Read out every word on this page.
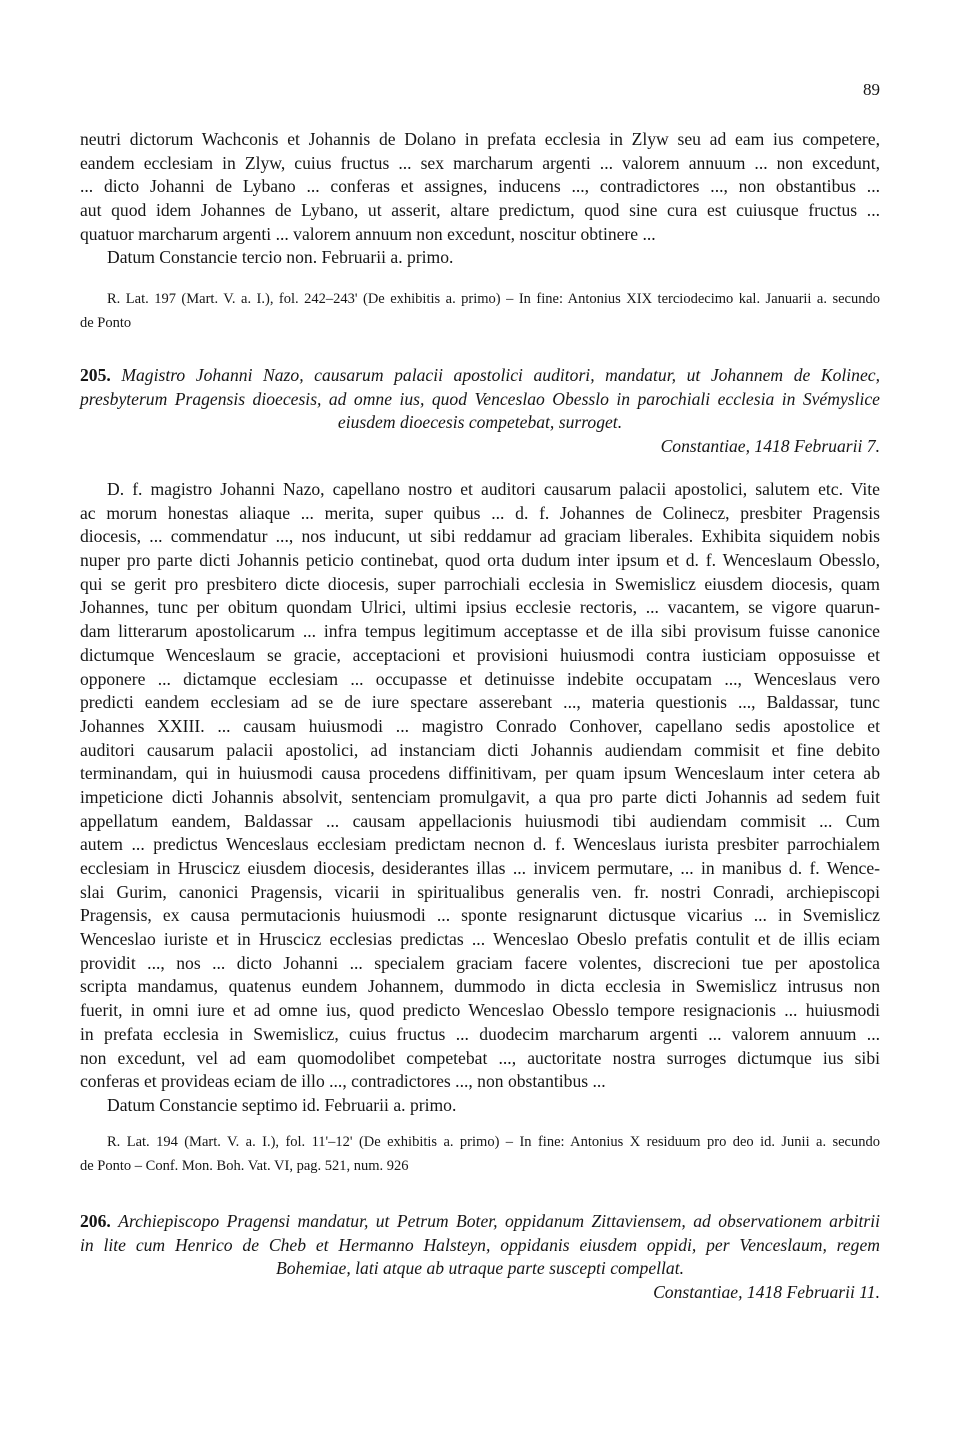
89
neutri dictorum Wachconis et Johannis de Dolano in prefata ecclesia in Zlyw seu ad eam ius competere,
eandem ecclesiam in Zlyw, cuius fructus ... sex marcharum argenti ... valorem annuum ... non excedunt,
... dicto Johanni de Lybano ... conferas et assignes, inducens ..., contradictores ..., non obstantibus ...
aut quod idem Johannes de Lybano, ut asserit, altare predictum, quod sine cura est cuiusque fructus ...
quatuor marcharum argenti ... valorem annuum non excedunt, noscitur obtinere ...
Datum Constancie tercio non. Februarii a. primo.
R. Lat. 197 (Mart. V. a. I.), fol. 242–243' (De exhibitis a. primo) – In fine: Antonius XIX terciodecimo kal. Januarii a. secundo
de Ponto
205. Magistro Johanni Nazo, causarum palacii apostolici auditori, mandatur, ut Johannem de Kolinec,
presbyterum Pragensis dioecesis, ad omne ius, quod Venceslao Obesslo in parochiali ecclesia in Svémyslice
eiusdem dioecesis competebat, surroget.
Constantiae, 1418 Februarii 7.
D. f. magistro Johanni Nazo, capellano nostro et auditori causarum palacii apostolici, salutem etc. Vite
ac morum honestas aliaque ... merita, super quibus ... d. f. Johannes de Colinecz, presbiter Pragensis
diocesis, ... commendatur ..., nos inducunt, ut sibi reddamur ad graciam liberales. Exhibita siquidem nobis
nuper pro parte dicti Johannis peticio continebat, quod orta dudum inter ipsum et d. f. Wenceslaum Obesslo,
qui se gerit pro presbitero dicte diocesis, super parrochiali ecclesia in Swemislicz eiusdem diocesis, quam
Johannes, tunc per obitum quondam Ulrici, ultimi ipsius ecclesie rectoris, ... vacantem, se vigore quarun-
dam litterarum apostolicarum ... infra tempus legitimum acceptasse et de illa sibi provisum fuisse canonice
dictumque Wenceslaum se gracie, acceptacioni et provisioni huiusmodi contra iusticiam opposuisse et
opponere ... dictamque ecclesiam ... occupasse et detinuisse indebite occupatam ..., Wenceslaus vero
predicti eandem ecclesiam ad se de iure spectare asserebant ..., materia questionis ..., Baldassar, tunc
Johannes XXIII. ... causam huiusmodi ... magistro Conrado Conhover, capellano sedis apostolice et
auditori causarum palacii apostolici, ad instanciam dicti Johannis audiendam commisit et fine debito
terminandam, qui in huiusmodi causa procedens diffinitivam, per quam ipsum Wenceslaum inter cetera ab
impeticione dicti Johannis absolvit, sentenciam promulgavit, a qua pro parte dicti Johannis ad sedem fuit
appellatum eandem, Baldassar ... causam appellacionis huiusmodi tibi audiendam commisit ... Cum
autem ... predictus Wenceslaus ecclesiam predictam necnon d. f. Wenceslaus iurista presbiter parrochialem
ecclesiam in Hruscicz eiusdem diocesis, desiderantes illas ... invicem permutare, ... in manibus d. f. Wence-
slai Gurim, canonici Pragensis, vicarii in spiritualibus generalis ven. fr. nostri Conradi, archiepiscopi
Pragensis, ex causa permutacionis huiusmodi ... sponte resignarunt dictusque vicarius ... in Svemislicz
Wenceslao iuriste et in Hruscicz ecclesias predictas ... Wenceslao Obeslo prefatis contulit et de illis eciam
providit ..., nos ... dicto Johanni ... specialem graciam facere volentes, discrecioni tue per apostolica
scripta mandamus, quatenus eundem Johannem, dummodo in dicta ecclesia in Swemislicz intrusus non
fuerit, in omni iure et ad omne ius, quod predicto Wenceslao Obesslo tempore resignacionis ... huiusmodi
in prefata ecclesia in Swemislicz, cuius fructus ... duodecim marcharum argenti ... valorem annuum ...
non excedunt, vel ad eam quomodolibet competebat ..., auctoritate nostra surroges dictumque ius sibi
conferas et provideas eciam de illo ..., contradictores ..., non obstantibus ...
Datum Constancie septimo id. Februarii a. primo.
R. Lat. 194 (Mart. V. a. I.), fol. 11'–12' (De exhibitis a. primo) – In fine: Antonius X residuum pro deo id. Junii a. secundo
de Ponto – Conf. Mon. Boh. Vat. VI, pag. 521, num. 926
206. Archiepiscopo Pragensi mandatur, ut Petrum Boter, oppidanum Zittaviensem, ad observationem arbitrii
in lite cum Henrico de Cheb et Hermanno Halsteyn, oppidanis eiusdem oppidi, per Venceslaum, regem
Bohemiae, lati atque ab utraque parte suscepti compellat.
Constantiae, 1418 Februarii 11.
